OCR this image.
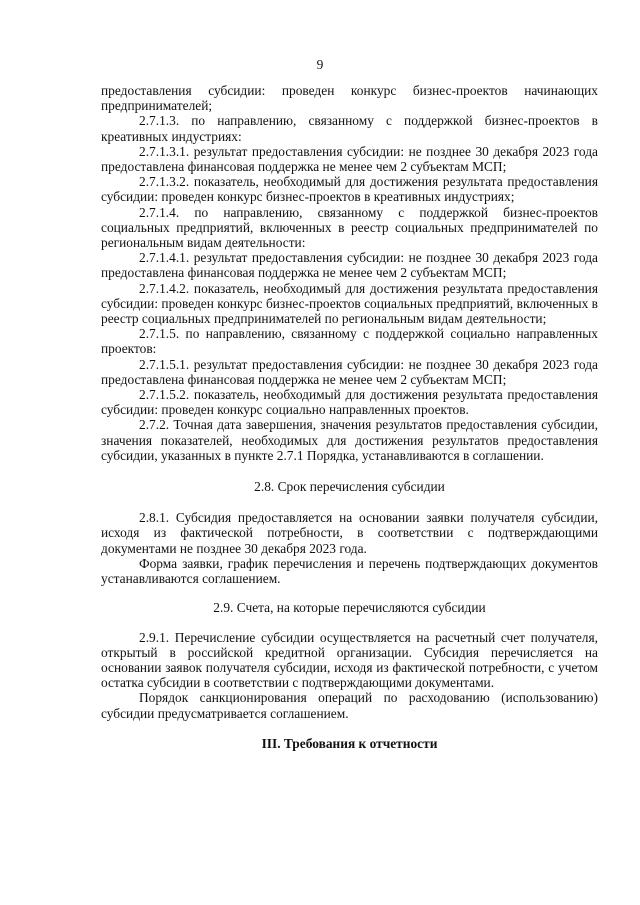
9

предоставления субсидии: проведен конкурс бизнес-проектов начинающих предпринимателей;

2.7.1.3. по направлению, связанному с поддержкой бизнес-проектов в креативных индустриях:

2.7.1.3.1. результат предоставления субсидии: не позднее 30 декабря 2023 года предоставлена финансовая поддержка не менее чем 2 субъектам МСП;

2.7.1.3.2. показатель, необходимый для достижения результата предоставления субсидии: проведен конкурс бизнес-проектов в креативных индустриях;

2.7.1.4. по направлению, связанному с поддержкой бизнес-проектов социальных предприятий, включенных в реестр социальных предпринимателей по региональным видам деятельности:

2.7.1.4.1. результат предоставления субсидии: не позднее 30 декабря 2023 года предоставлена финансовая поддержка не менее чем 2 субъектам МСП;

2.7.1.4.2. показатель, необходимый для достижения результата предоставления субсидии: проведен конкурс бизнес-проектов социальных предприятий, включенных в реестр социальных предпринимателей по региональным видам деятельности;

2.7.1.5. по направлению, связанному с поддержкой социально направленных проектов:

2.7.1.5.1. результат предоставления субсидии: не позднее 30 декабря 2023 года предоставлена финансовая поддержка не менее чем 2 субъектам МСП;

2.7.1.5.2. показатель, необходимый для достижения результата предоставления субсидии: проведен конкурс социально направленных проектов.

2.7.2. Точная дата завершения, значения результатов предоставления субсидии, значения показателей, необходимых для достижения результатов предоставления субсидии, указанных в пункте 2.7.1 Порядка, устанавливаются в соглашении.

2.8. Срок перечисления субсидии

2.8.1. Субсидия предоставляется на основании заявки получателя субсидии, исходя из фактической потребности, в соответствии с подтверждающими документами не позднее 30 декабря 2023 года.

Форма заявки, график перечисления и перечень подтверждающих документов устанавливаются соглашением.

2.9. Счета, на которые перечисляются субсидии

2.9.1. Перечисление субсидии осуществляется на расчетный счет получателя, открытый в российской кредитной организации. Субсидия перечисляется на основании заявок получателя субсидии, исходя из фактической потребности, с учетом остатка субсидии в соответствии с подтверждающими документами.

Порядок санкционирования операций по расходованию (использованию) субсидии предусматривается соглашением.

III. Требования к отчетности
